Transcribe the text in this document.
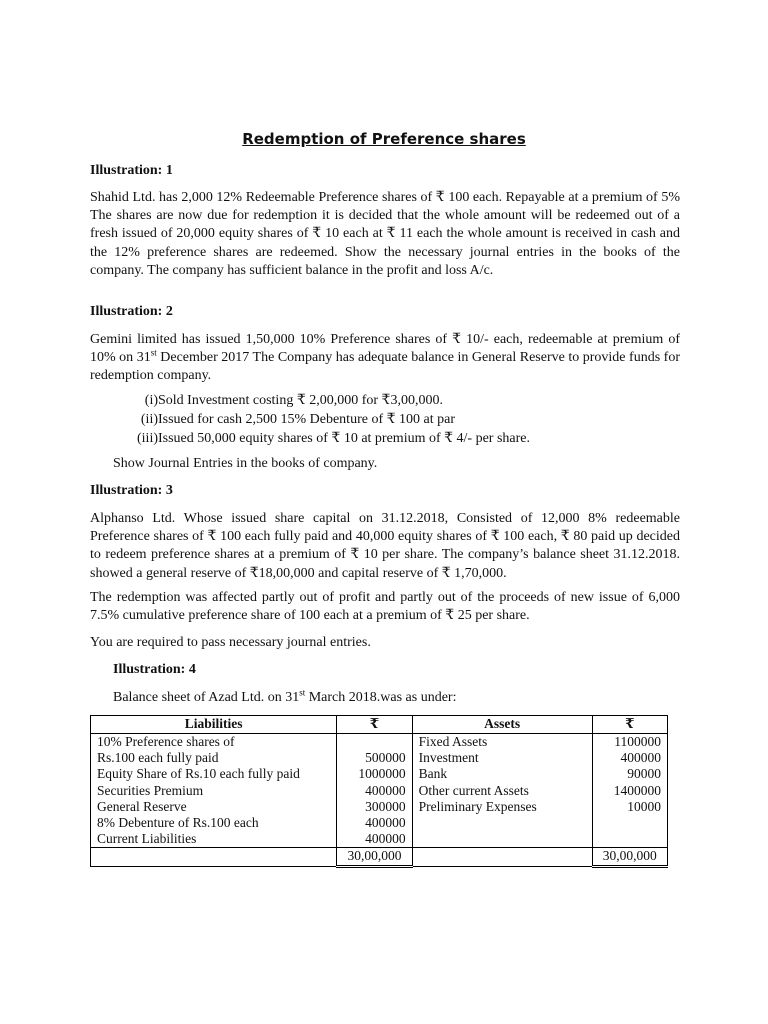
Redemption of Preference shares
Illustration: 1
Shahid Ltd. has 2,000 12% Redeemable Preference shares of ₹ 100 each. Repayable at a premium of 5% The shares are now due for redemption it is decided that the whole amount will be redeemed out of a fresh issued of 20,000 equity shares of ₹ 10 each at ₹ 11 each the whole amount is received in cash and the 12% preference shares are redeemed. Show the necessary journal entries in the books of the company. The company has sufficient balance in the profit and loss A/c.
Illustration: 2
Gemini limited has issued 1,50,000 10% Preference shares of ₹ 10/- each, redeemable at premium of 10% on 31st December 2017 The Company has adequate balance in General Reserve to provide funds for redemption company.
(i)Sold Investment costing ₹ 2,00,000 for ₹3,00,000.
(ii)Issued for cash 2,500 15% Debenture of ₹ 100 at par
(iii)Issued 50,000 equity shares of ₹ 10 at premium of ₹ 4/- per share.
Show Journal Entries in the books of company.
Illustration: 3
Alphanso Ltd. Whose issued share capital on 31.12.2018, Consisted of 12,000 8% redeemable Preference shares of ₹ 100 each fully paid and 40,000 equity shares of ₹ 100 each, ₹ 80 paid up decided to redeem preference shares at a premium of ₹ 10 per share. The company’s balance sheet 31.12.2018. showed a general reserve of ₹18,00,000 and capital reserve of ₹ 1,70,000.
The redemption was affected partly out of profit and partly out of the proceeds of new issue of 6,000 7.5% cumulative preference share of 100 each at a premium of ₹ 25 per share.
You are required to pass necessary journal entries.
Illustration: 4
Balance sheet of Azad Ltd. on 31st March 2018.was as under:
Liabilities	₹	Assets	₹
10% Preference shares of		Fixed Assets	1100000
Rs.100 each fully paid	500000	Investment	400000
Equity Share of Rs.10 each fully paid	1000000	Bank	90000
Securities Premium	400000	Other current Assets	1400000
General Reserve	300000	Preliminary Expenses	10000
8% Debenture of Rs.100 each	400000		
Current Liabilities	400000		
	30,00,000		30,00,000
